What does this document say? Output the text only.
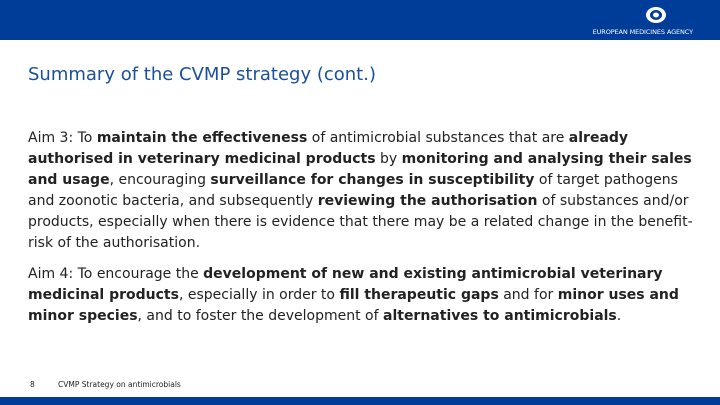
EUROPEAN MEDICINES AGENCY
Summary of the CVMP strategy (cont.)

Aim 3: To maintain the effectiveness of antimicrobial substances that are already authorised in veterinary medicinal products by monitoring and analysing their sales and usage, encouraging surveillance for changes in susceptibility of target pathogens and zoonotic bacteria, and subsequently reviewing the authorisation of substances and/or products, especially when there is evidence that there may be a related change in the benefit-risk of the authorisation.

Aim 4: To encourage the development of new and existing antimicrobial veterinary medicinal products, especially in order to fill therapeutic gaps and for minor uses and minor species, and to foster the development of alternatives to antimicrobials.

8	CVMP Strategy on antimicrobials
